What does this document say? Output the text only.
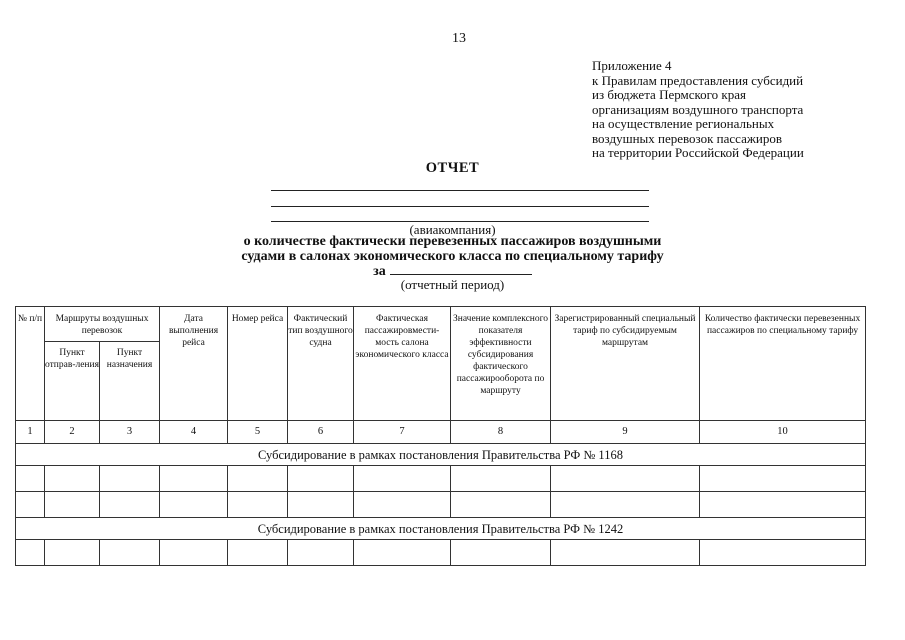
13
Приложение 4
к Правилам предоставления субсидий
из бюджета Пермского края
организациям воздушного транспорта
на осуществление региональных
воздушных перевозок пассажиров
на территории Российской Федерации
ОТЧЕТ
(авиакомпания)
о количестве фактически перевезенных пассажиров воздушными
судами в салонах экономического класса по специальному тарифу
за
(отчетный период)
№ п/п	Маршруты воздушных перевозок		Дата выполнения рейса	Номер рейса	Фактический тип воздушного судна	Фактическая пассажировмести-мость салона экономического класса	Значение комплексного показателя эффективности субсидирования фактического пассажирооборота по маршруту	Зарегистрированный специальный тариф по субсидируемым маршрутам	Количество фактически перевезенных пассажиров по специальному тарифу
	Пункт отправ-ления	Пункт назначения							
1	2	3	4	5	6	7	8	9	10
Субсидирование в рамках постановления Правительства РФ № 1168									

Субсидирование в рамках постановления Правительства РФ № 1242									
